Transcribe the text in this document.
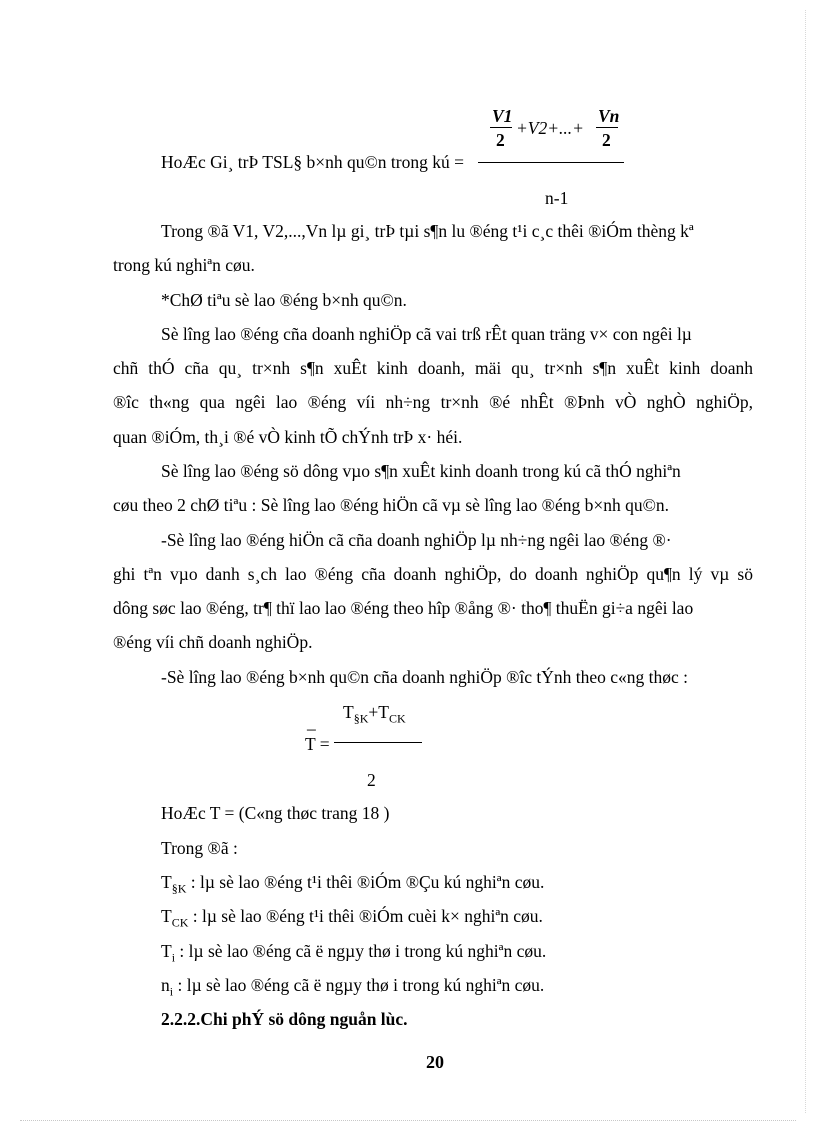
V1
2
+V2+...+
Vn
2
HoÆc Gi¸ trÞ TSL§ b×nh qu©n trong kú =
n-1
Trong ®ã V1, V2,...,Vn lµ gi¸ trÞ tµi s¶n lu ®éng t¹i c¸c thêi ®iÓm thèng kª
trong kú nghiªn cøu.
*ChØ tiªu sè lao ®éng b×nh qu©n.
Sè lîng lao ®éng cña doanh nghiÖp cã vai trß rÊt quan träng v× con ngêi lµ
chñ thÓ cña qu¸ tr×nh s¶n xuÊt kinh doanh, mäi qu¸ tr×nh s¶n xuÊt kinh doanh
®îc th«ng qua ngêi lao ®éng víi nh÷ng tr×nh ®é nhÊt ®Þnh vÒ nghÒ nghiÖp,
quan ®iÓm, th¸i ®é vÒ kinh tÕ chÝnh trÞ x· héi.
Sè lîng lao ®éng sö dông vµo s¶n xuÊt kinh doanh trong kú cã thÓ nghiªn
cøu theo 2 chØ tiªu : Sè lîng lao ®éng hiÖn cã vµ sè lîng lao ®éng b×nh qu©n.
-Sè lîng lao ®éng hiÖn cã cña doanh nghiÖp lµ nh÷ng ngêi lao ®éng ®·
ghi tªn vµo danh s¸ch lao ®éng cña doanh nghiÖp, do doanh nghiÖp qu¶n lý vµ sö
dông søc lao ®éng, tr¶ thï lao lao ®éng theo hîp ®ång ®· tho¶ thuËn gi÷a ngêi lao
®éng víi chñ doanh nghiÖp.
-Sè lîng lao ®éng b×nh qu©n cña doanh nghiÖp ®îc tÝnh theo c«ng thøc :
$T_{\S K}+T_{CK}$
_
T =
2
HoÆc T = (C«ng thøc trang 18 )
Trong ®ã :
$T_{\S K}$ : lµ sè lao ®éng t¹i thêi ®iÓm ®Çu kú nghiªn cøu.
$T_{CK}$ : lµ sè lao ®éng t¹i thêi ®iÓm cuèi k× nghiªn cøu.
$T_i$ : lµ sè lao ®éng cã ë ngµy thø i trong kú nghiªn cøu.
$n_i$ : lµ sè lao ®éng cã ë ngµy thø i trong kú nghiªn cøu.
2.2.2.Chi phÝ sö dông nguån lùc.
20
